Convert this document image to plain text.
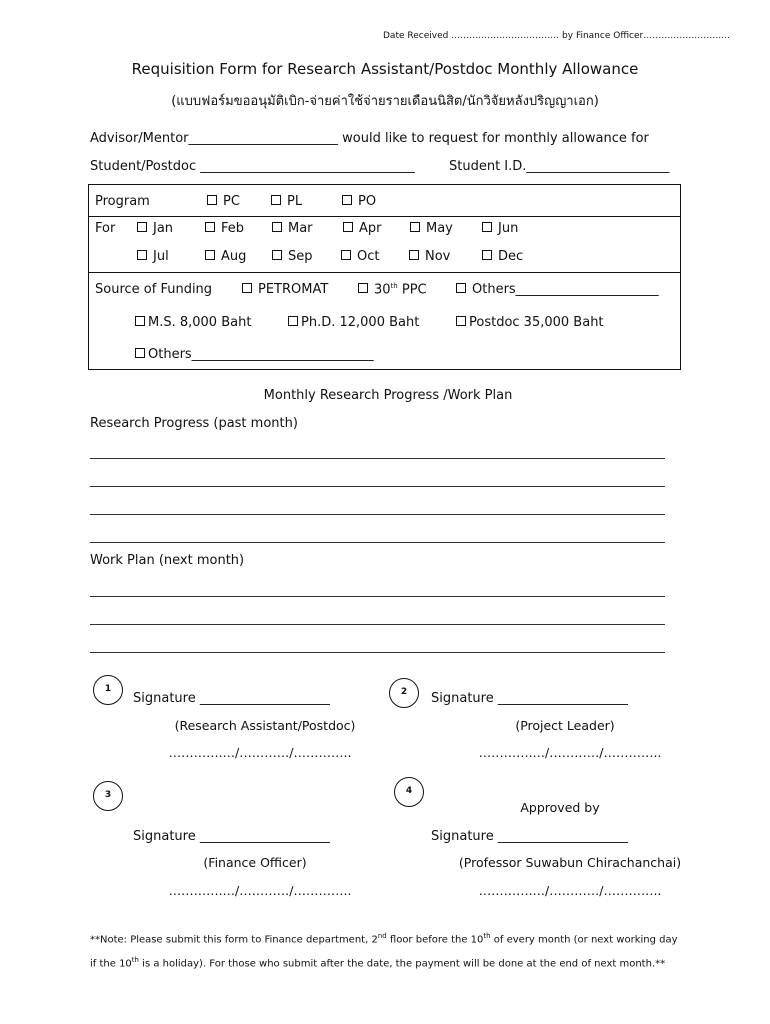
Date Received ……………………………… by Finance Officer………………………..
Requisition Form for Research Assistant/Postdoc Monthly Allowance
(แบบฟอร์มขออนุมัติเบิก-จ่ายค่าใช้จ่ายรายเดือนนิสิต/นักวิจัยหลังปริญญาเอก)
Advisor/Mentor_______________________ would like to request for monthly allowance for
Student/Postdoc _________________________________	Student I.D.______________________
Program	PC	PL	PO
For	Jan	Feb	Mar	Apr	May	Jun
Jul	Aug	Sep	Oct	Nov	Dec
Source of Funding	PETROMAT	30th PPC	Others______________________
M.S. 8,000 Baht	Ph.D. 12,000 Baht	Postdoc 35,000 Baht
Others____________________________
Monthly Research Progress /Work Plan
Research Progress (past month)
Work Plan (next month)
1
Signature ____________________
(Research Assistant/Postdoc)
………….…/…………/…………..
2	Signature ____________________
(Project Leader)
………….…/…………/…………..
3
Signature ____________________
(Finance Officer)
………….…/…………/…………..
4
Approved by
Signature ____________________
(Professor Suwabun Chirachanchai)
………….…/…………/…………..
**Note: Please submit this form to Finance department, 2nd floor before the 10th of every month (or next working day
if the 10th is a holiday). For those who submit after the date, the payment will be done at the end of next month.**
